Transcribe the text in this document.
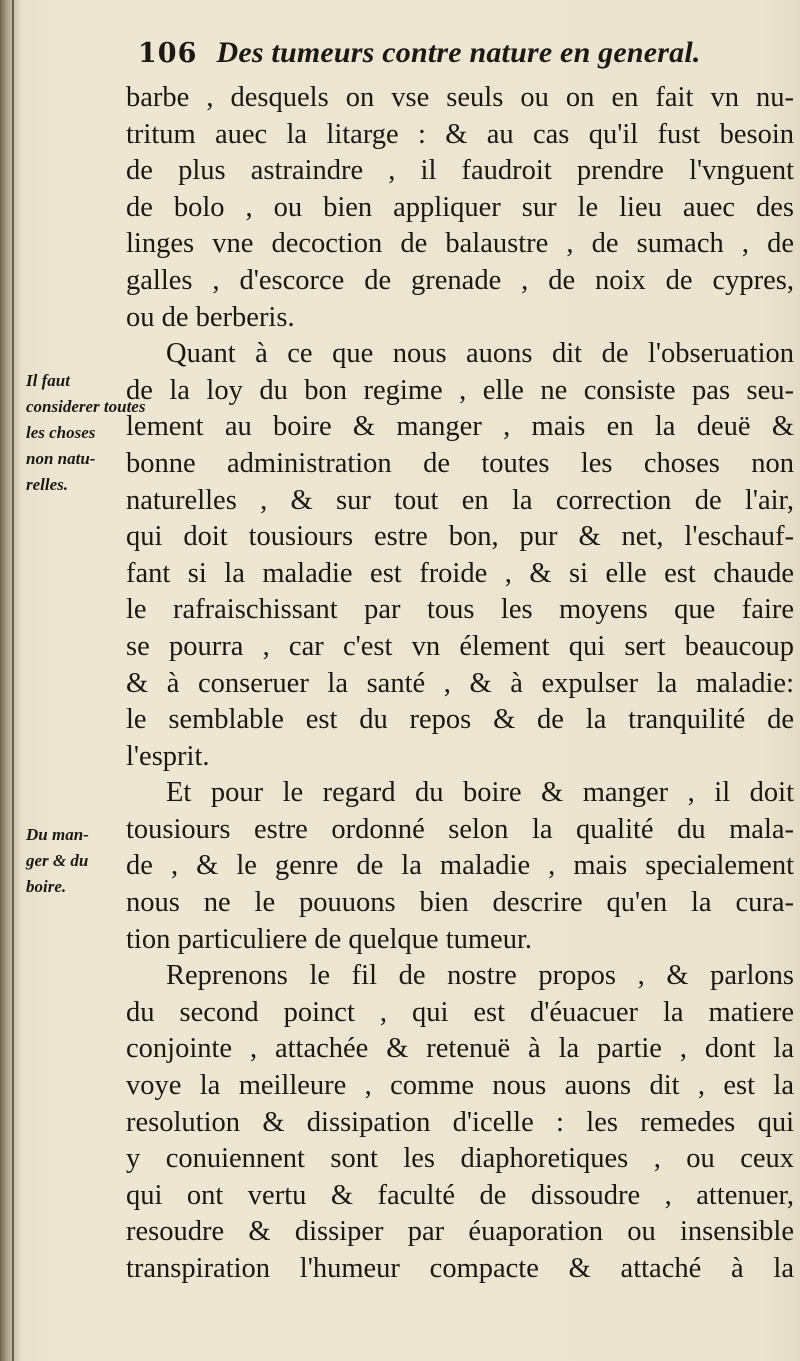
106 Des tumeurs contre nature en general.
barbe , desquels on vse seuls ou on en fait vn nu-
tritum auec la litarge : & au cas qu'il fust besoin
de plus astraindre , il faudroit prendre l'vnguent
de bolo , ou bien appliquer sur le lieu auec des
linges vne decoction de balaustre , de sumach , de
galles , d'escorce de grenade , de noix de cypres,
ou de berberis.
Quant à ce que nous auons dit de l'obseruation
de la loy du bon regime , elle ne consiste pas seu-
lement au boire & manger , mais en la deuë &
bonne administration de toutes les choses non
naturelles , & sur tout en la correction de l'air,
qui doit tousiours estre bon, pur & net, l'eschauf-
fant si la maladie est froide , & si elle est chaude
le rafraischissant par tous les moyens que faire
se pourra , car c'est vn élement qui sert beaucoup
& à conseruer la santé , & à expulser la maladie:
le semblable est du repos & de la tranquilité de
l'esprit.
Et pour le regard du boire & manger , il doit
tousiours estre ordonné selon la qualité du mala-
de , & le genre de la maladie , mais specialement
nous ne le pouuons bien descrire qu'en la cura-
tion particuliere de quelque tumeur.
Reprenons le fil de nostre propos , & parlons
du second poinct , qui est d'éuacuer la matiere
conjointe , attachée & retenuë à la partie , dont la
voye la meilleure , comme nous auons dit , est la
resolution & dissipation d'icelle : les remedes qui
y conuiennent sont les diaphoretiques , ou ceux
qui ont vertu & faculté de dissoudre , attenuer,
resoudre & dissiper par éuaporation ou insensible
transpiration l'humeur compacte & attaché à la
Il faut
considerer toutes
les choses
non natu-
relles.
Du man-
ger & du
boire.
